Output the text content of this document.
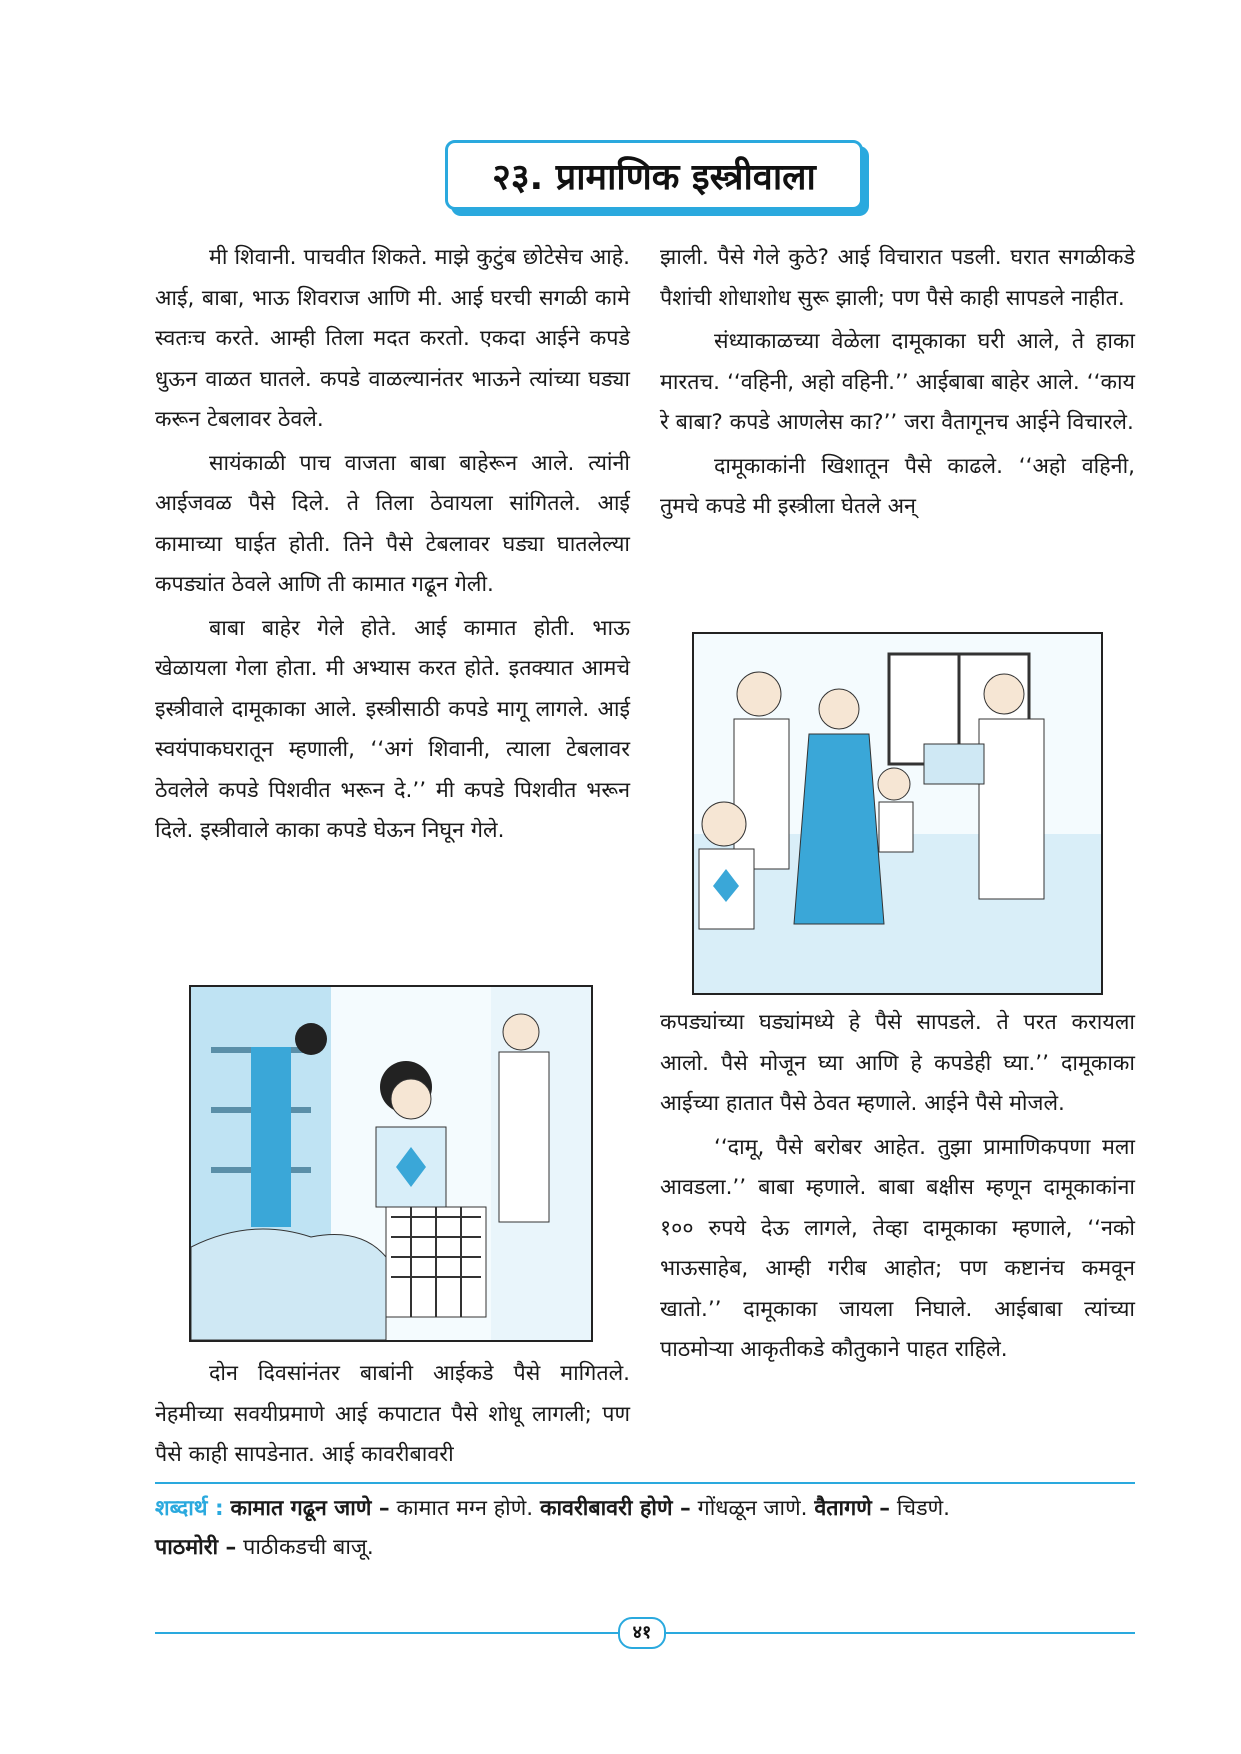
२३. प्रामाणिक इस्त्रीवाला

मी शिवानी. पाचवीत शिकते. माझे कुटुंब छोटेसेच आहे. आई, बाबा, भाऊ शिवराज आणि मी. आई घरची सगळी कामे स्वतःच करते. आम्ही तिला मदत करतो. एकदा आईने कपडे धुऊन वाळत घातले. कपडे वाळल्यानंतर भाऊने त्यांच्या घड्या करून टेबलावर ठेवले.

सायंकाळी पाच वाजता बाबा बाहेरून आले. त्यांनी आईजवळ पैसे दिले. ते तिला ठेवायला सांगितले. आई कामाच्या घाईत होती. तिने पैसे टेबलावर घड्या घातलेल्या कपड्यांत ठेवले आणि ती कामात गढून गेली.

बाबा बाहेर गेले होते. आई कामात होती. भाऊ खेळायला गेला होता. मी अभ्यास करत होते. इतक्यात आमचे इस्त्रीवाले दामूकाका आले. इस्त्रीसाठी कपडे मागू लागले. आई स्वयंपाकघरातून म्हणाली, ‘‘अगं शिवानी, त्याला टेबलावर ठेवलेले कपडे पिशवीत भरून दे.’’ मी कपडे पिशवीत भरून दिले. इस्त्रीवाले काका कपडे घेऊन निघून गेले.

दोन दिवसांनंतर बाबांनी आईकडे पैसे मागितले. नेहमीच्या सवयीप्रमाणे आई कपाटात पैसे शोधू लागली; पण पैसे काही सापडेनात. आई कावरीबावरी

झाली. पैसे गेले कुठे? आई विचारात पडली. घरात सगळीकडे पैशांची शोधाशोध सुरू झाली; पण पैसे काही सापडले नाहीत.

संध्याकाळच्या वेळेला दामूकाका घरी आले, ते हाका मारतच. ‘‘वहिनी, अहो वहिनी.’’ आईबाबा बाहेर आले. ‘‘काय रे बाबा? कपडे आणलेस का?’’ जरा वैतागूनच आईने विचारले.

दामूकाकांनी खिशातून पैसे काढले. ‘‘अहो वहिनी, तुमचे कपडे मी इस्त्रीला घेतले अन्

कपड्यांच्या घड्यांमध्ये हे पैसे सापडले. ते परत करायला आलो. पैसे मोजून घ्या आणि हे कपडेही घ्या.’’ दामूकाका आईच्या हातात पैसे ठेवत म्हणाले. आईने पैसे मोजले.

‘‘दामू, पैसे बरोबर आहेत. तुझा प्रामाणिकपणा मला आवडला.’’ बाबा म्हणाले. बाबा बक्षीस म्हणून दामूकाकांना १०० रुपये देऊ लागले, तेव्हा दामूकाका म्हणाले, ‘‘नको भाऊसाहेब, आम्ही गरीब आहोत; पण कष्टानंच कमवून खातो.’’ दामूकाका जायला निघाले. आईबाबा त्यांच्या पाठमोऱ्या आकृतीकडे कौतुकाने पाहत राहिले.

शब्दार्थ : कामात गढून जाणे – कामात मग्न होणे. कावरीबावरी होणे – गोंधळून जाणे. वैतागणे – चिडणे.
पाठमोरी – पाठीकडची बाजू.
४१
